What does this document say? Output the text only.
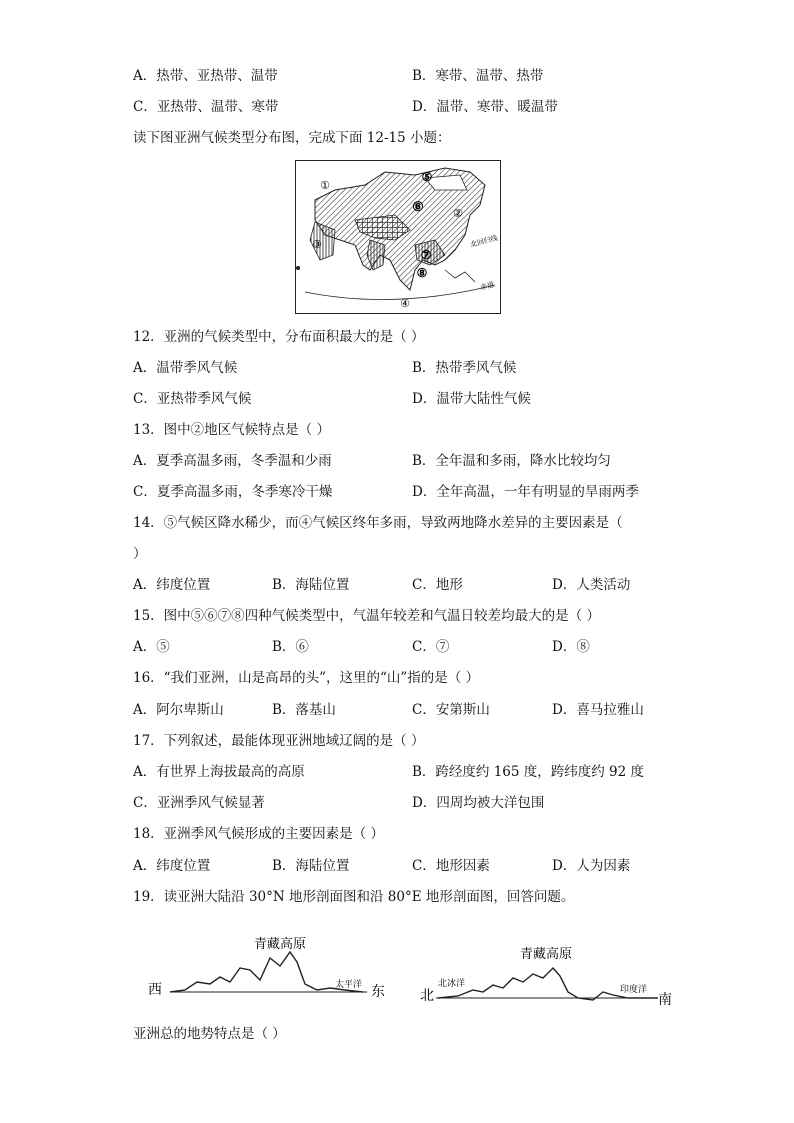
A．热带、亚热带、温带	B．寒带、温带、热带
C．亚热带、温带、寒带	D．温带、寒带、暖温带
读下图亚洲气候类型分布图，完成下面 12-15 小题：
①
②
③
④
⑤
⑥
⑦
⑧
北回归线
赤道
12．亚洲的气候类型中，分布面积最大的是（ ）
A．温带季风气候	B．热带季风气候
C．亚热带季风气候	D．温带大陆性气候
13．图中②地区气候特点是（ ）
A．夏季高温多雨，冬季温和少雨	B．全年温和多雨，降水比较均匀
C．夏季高温多雨，冬季寒冷干燥	D．全年高温，一年有明显的旱雨两季
14．⑤气候区降水稀少，而④气候区终年多雨，导致两地降水差异的主要因素是（
）
A．纬度位置	B．海陆位置	C．地形	D．人类活动
15．图中⑤⑥⑦⑧四种气候类型中，气温年较差和气温日较差均最大的是（ ）
A．⑤	B．⑥	C．⑦	D．⑧
16．“我们亚洲，山是高昂的头”，这里的“山”指的是（ ）
A．阿尔卑斯山	B．落基山	C．安第斯山	D．喜马拉雅山
17．下列叙述，最能体现亚洲地域辽阔的是（ ）
A．有世界上海拔最高的高原	B．跨经度约 165 度，跨纬度约 92 度
C．亚洲季风气候显著	D．四周均被大洋包围
18．亚洲季风气候形成的主要因素是（ ）
A．纬度位置	B．海陆位置	C．地形因素	D．人为因素
19．读亚洲大陆沿 30°N 地形剖面图和沿 80°E 地形剖面图，回答问题。
青藏高原
西	东
太平洋
青藏高原
北	南
北冰洋
印度洋
亚洲总的地势特点是（ ）
